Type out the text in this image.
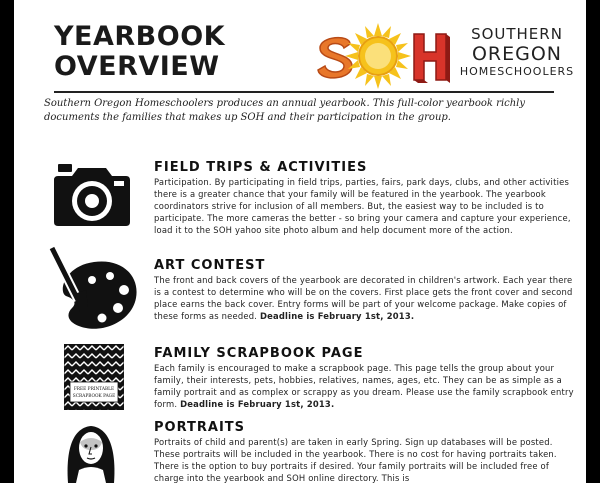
YEARBOOK
OVERVIEW
SOUTHERN
OREGON
HOMESCHOOLERS
Southern Oregon Homeschoolers produces an annual yearbook. This full-color yearbook richly documents the families that makes up SOH and their participation in the group.
FIELD TRIPS & ACTIVITIES

Participation. By participating in field trips, parties, fairs, park days, clubs, and other activities there is a greater chance that your family will be featured in the yearbook. The yearbook coordinators strive for inclusion of all members. But, the easiest way to be included is to participate. The more cameras the better - so bring your camera and capture your experience, load it to the SOH yahoo site photo album and help document more of the action.

ART CONTEST

The front and back covers of the yearbook are decorated in children's artwork. Each year there is a contest to determine who will be on the covers. First place gets the front cover and second place earns the back cover. Entry forms will be part of your welcome package. Make copies of these forms as needed. Deadline is February 1st, 2013.

FREE PRINTABLE
SCRAPBOOK PAGE
FAMILY SCRAPBOOK PAGE

Each family is encouraged to make a scrapbook page. This page tells the group about your family, their interests, pets, hobbies, relatives, names, ages, etc. They can be as simple as a family portrait and as complex or scrappy as you dream. Please use the family scrapbook entry form. Deadline is February 1st, 2013.

PORTRAITS

Portraits of child and parent(s) are taken in early Spring. Sign up databases will be posted. These portraits will be included in the yearbook. There is no cost for having portraits taken. There is the option to buy portraits if desired. Your family portraits will be included free of charge into the yearbook and SOH online directory. This is
